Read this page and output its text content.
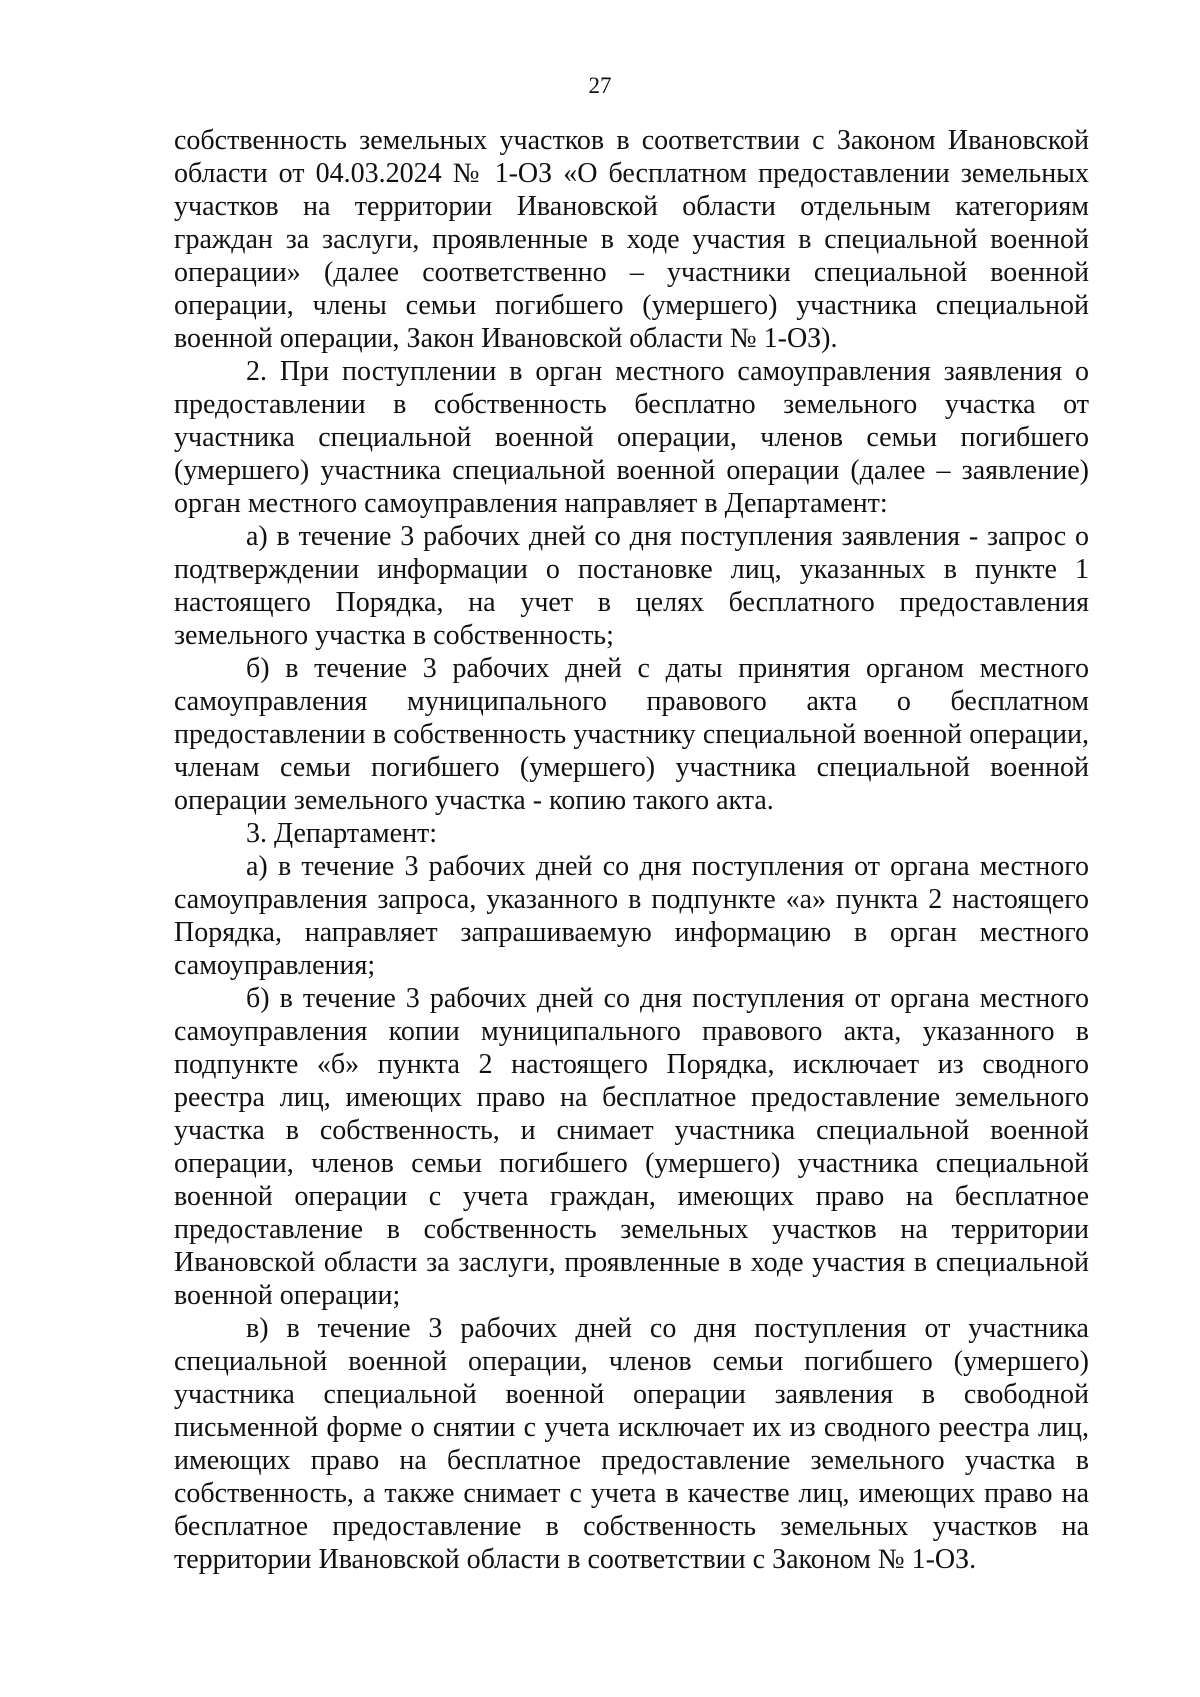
27

собственность земельных участков в соответствии с Законом Ивановской области от 04.03.2024 № 1-ОЗ «О бесплатном предоставлении земельных участков на территории Ивановской области отдельным категориям граждан за заслуги, проявленные в ходе участия в специальной военной операции» (далее соответственно – участники специальной военной операции, члены семьи погибшего (умершего) участника специальной военной операции, Закон Ивановской области № 1-ОЗ).

2. При поступлении в орган местного самоуправления заявления о предоставлении в собственность бесплатно земельного участка от участника специальной военной операции, членов семьи погибшего (умершего) участника специальной военной операции (далее – заявление) орган местного самоуправления направляет в Департамент:

а) в течение 3 рабочих дней со дня поступления заявления - запрос о подтверждении информации о постановке лиц, указанных в пункте 1 настоящего Порядка, на учет в целях бесплатного предоставления земельного участка в собственность;

б) в течение 3 рабочих дней с даты принятия органом местного самоуправления муниципального правового акта о бесплатном предоставлении в собственность участнику специальной военной операции, членам семьи погибшего (умершего) участника специальной военной операции земельного участка - копию такого акта.

3. Департамент:

а) в течение 3 рабочих дней со дня поступления от органа местного самоуправления запроса, указанного в подпункте «а» пункта 2 настоящего Порядка, направляет запрашиваемую информацию в орган местного самоуправления;

б) в течение 3 рабочих дней со дня поступления от органа местного самоуправления копии муниципального правового акта, указанного в подпункте «б» пункта 2 настоящего Порядка, исключает из сводного реестра лиц, имеющих право на бесплатное предоставление земельного участка в собственность, и снимает участника специальной военной операции, членов семьи погибшего (умершего) участника специальной военной операции с учета граждан, имеющих право на бесплатное предоставление в собственность земельных участков на территории Ивановской области за заслуги, проявленные в ходе участия в специальной военной операции;

в) в течение 3 рабочих дней со дня поступления от участника специальной военной операции, членов семьи погибшего (умершего) участника специальной военной операции заявления в свободной письменной форме о снятии с учета исключает их из сводного реестра лиц, имеющих право на бесплатное предоставление земельного участка в собственность, а также снимает с учета в качестве лиц, имеющих право на бесплатное предоставление в собственность земельных участков на территории Ивановской области в соответствии с Законом № 1-ОЗ.
